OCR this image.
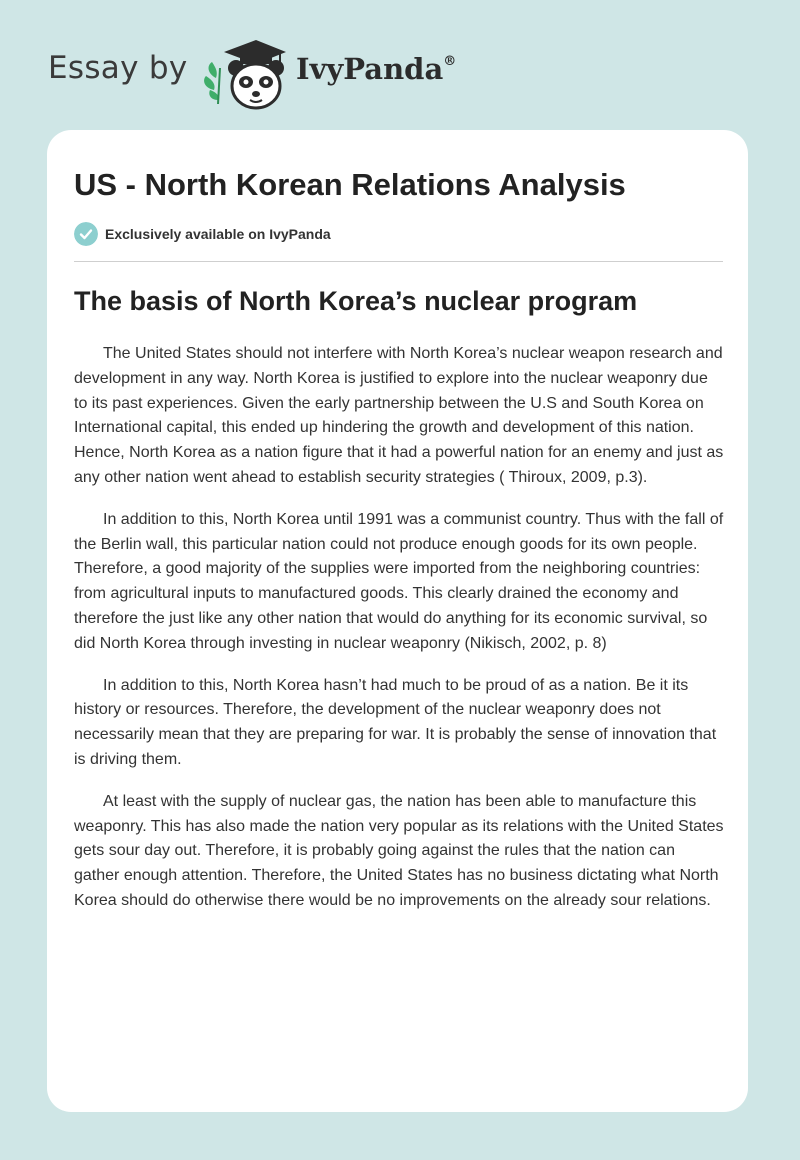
Essay by	IvyPanda®
US - North Korean Relations Analysis
Exclusively available on IvyPanda
The basis of North Korea’s nuclear program

The United States should not interfere with North Korea’s nuclear weapon research and development in any way. North Korea is justified to explore into the nuclear weaponry due to its past experiences. Given the early partnership between the U.S and South Korea on International capital, this ended up hindering the growth and development of this nation. Hence, North Korea as a nation figure that it had a powerful nation for an enemy and just as any other nation went ahead to establish security strategies ( Thiroux, 2009, p.3).

In addition to this, North Korea until 1991 was a communist country. Thus with the fall of the Berlin wall, this particular nation could not produce enough goods for its own people. Therefore, a good majority of the supplies were imported from the neighboring countries: from agricultural inputs to manufactured goods. This clearly drained the economy and therefore the just like any other nation that would do anything for its economic survival, so did North Korea through investing in nuclear weaponry (Nikisch, 2002, p. 8)

In addition to this, North Korea hasn’t had much to be proud of as a nation. Be it its history or resources. Therefore, the development of the nuclear weaponry does not necessarily mean that they are preparing for war. It is probably the sense of innovation that is driving them.

At least with the supply of nuclear gas, the nation has been able to manufacture this weaponry. This has also made the nation very popular as its relations with the United States gets sour day out. Therefore, it is probably going against the rules that the nation can gather enough attention. Therefore, the United States has no business dictating what North Korea should do otherwise there would be no improvements on the already sour relations.
